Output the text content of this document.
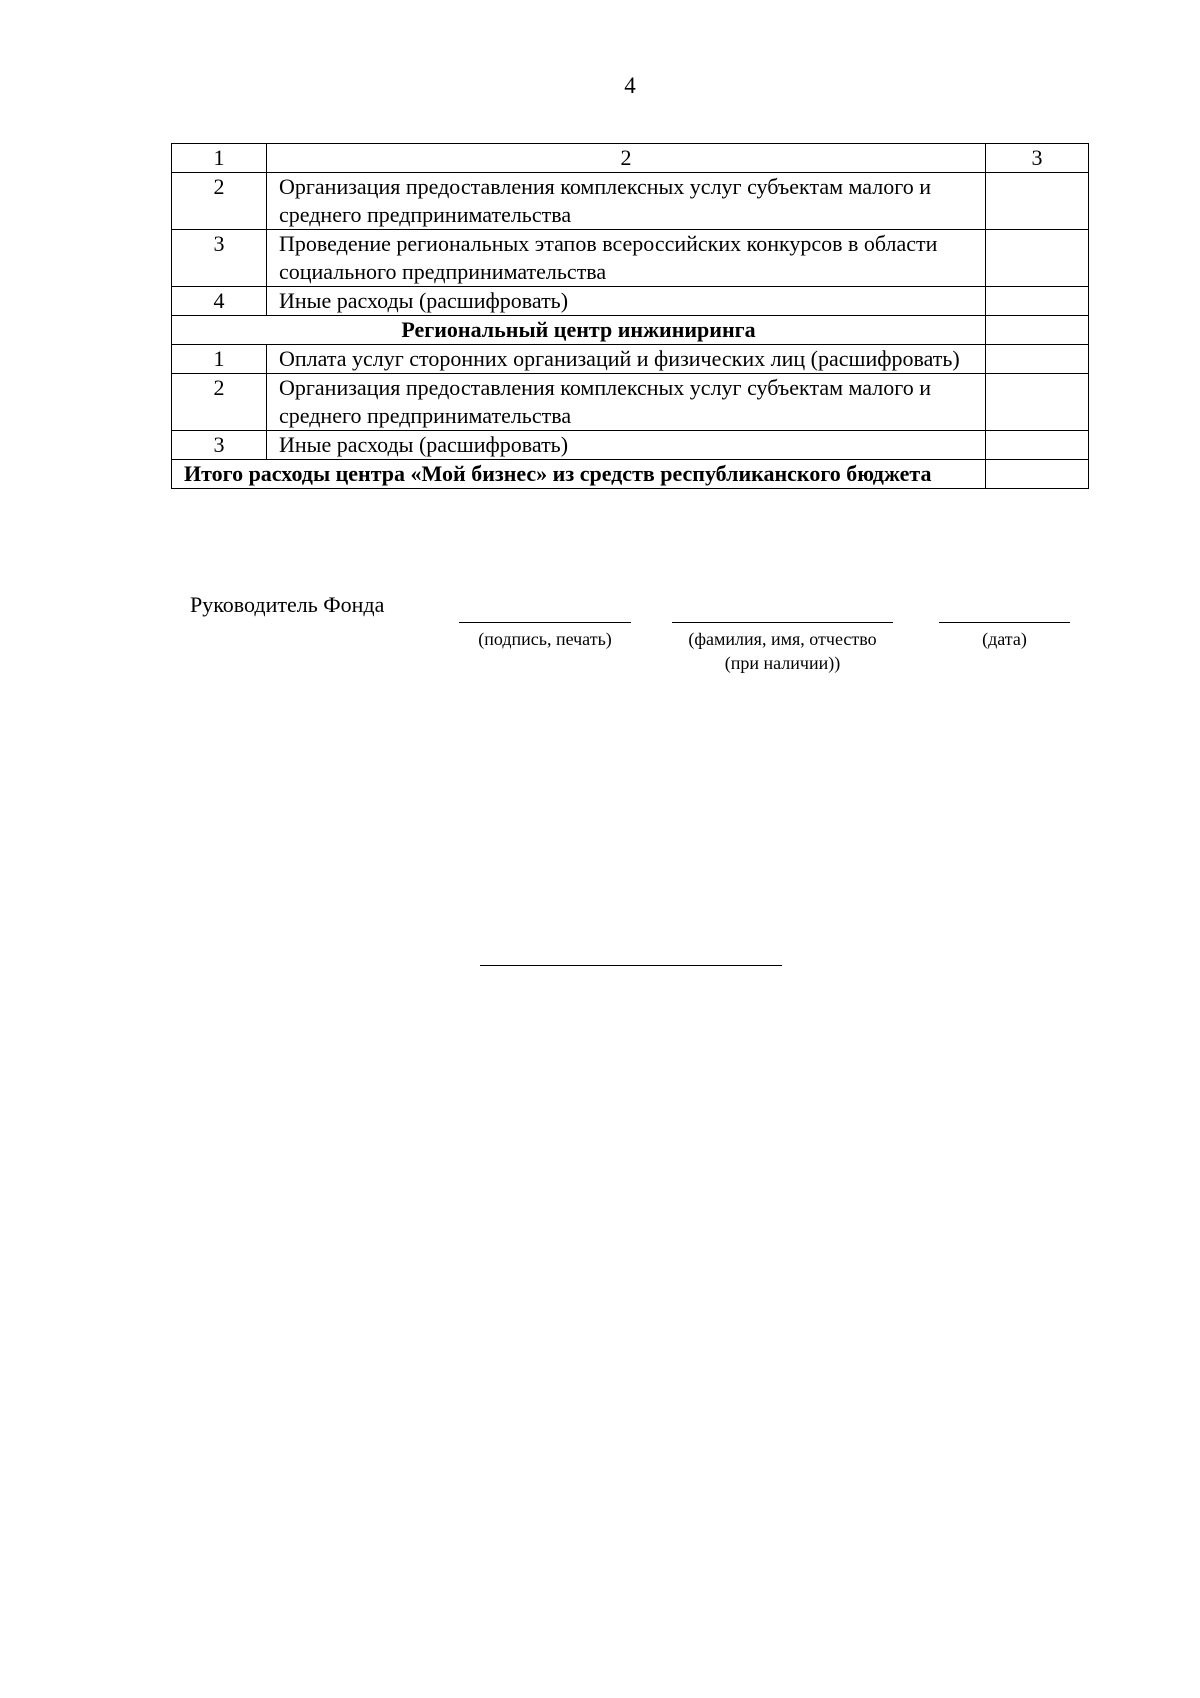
4
1	2	3
2	Организация предоставления комплексных услуг субъектам малого и среднего предпринимательства	
3	Проведение региональных этапов всероссийских конкурсов в области социального предпринимательства	
4	Иные расходы (расшифровать)	
Региональный центр инжиниринга		
1	Оплата услуг сторонних организаций и физических лиц (расшифровать)	
2	Организация предоставления комплексных услуг субъектам малого и среднего предпринимательства	
3	Иные расходы (расшифровать)	
Итого расходы центра «Мой бизнес» из средств республиканского бюджета		
Руководитель Фонда
(подпись, печать)	(фамилия, имя, отчество
(при наличии))
(дата)
